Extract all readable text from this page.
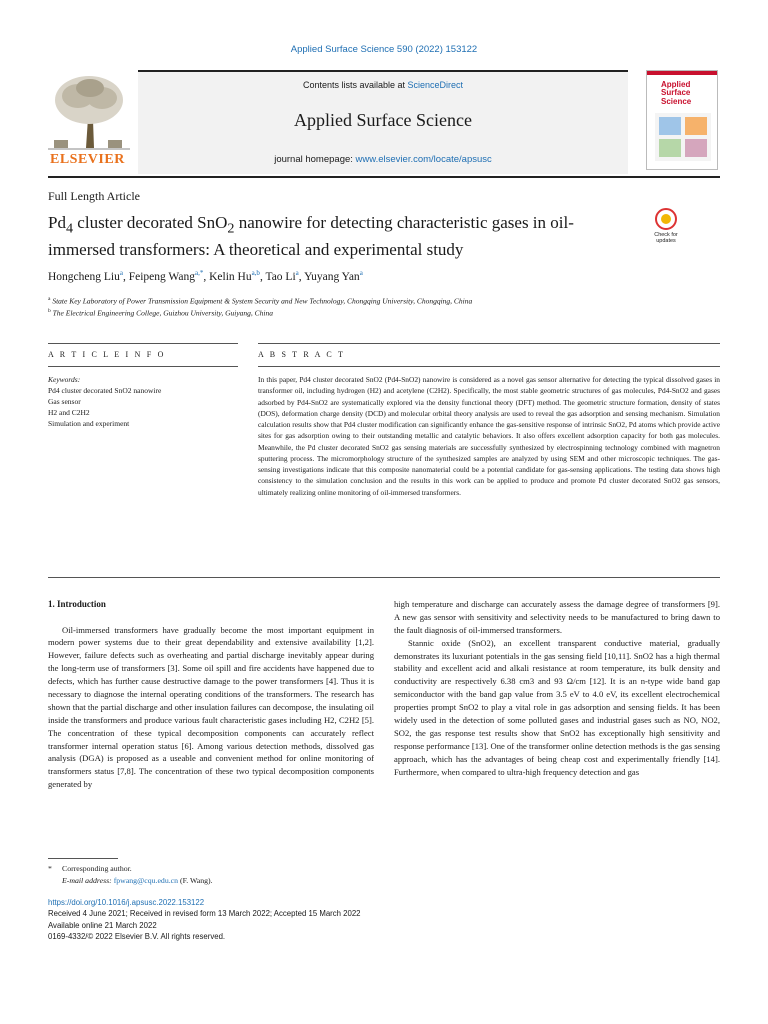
Applied Surface Science 590 (2022) 153122
ELSEVIER
Contents lists available at ScienceDirect
Applied Surface Science
journal homepage: www.elsevier.com/locate/apsusc
Applied
Surface Science
Full Length Article
$Pd_4$ cluster decorated SnO$_2$ nanowire for detecting characteristic gases in oil-immersed transformers: A theoretical and experimental study
Check for
updates
Hongcheng Liu$^a$, Feipeng Wang$^{a,*}$, Kelin Hu$^{a,b}$, Tao Li$^a$, Yuyang Yan$^a$
$^a$ State Key Laboratory of Power Transmission Equipment & System Security and New Technology, Chongqing University, Chongqing, China
$^b$ The Electrical Engineering College, Guizhou University, Guiyang, China
A R T I C L E I N F O	A B S T R A C T
Keywords:
Pd4 cluster decorated SnO2 nanowire
Gas sensor
H2 and C2H2
Simulation and experiment
In this paper, Pd4 cluster decorated SnO2 (Pd4-SnO2) nanowire is considered as a novel gas sensor alternative for detecting the typical dissolved gases in transformer oil, including hydrogen (H2) and acetylene (C2H2). Specifically, the most stable geometric structures of gas molecules, Pd4-SnO2 and gases adsorbed by Pd4-SnO2 are systematically explored via the density functional theory (DFT) method. The geometric structure formation, density of states (DOS), deformation charge density (DCD) and molecular orbital theory analysis are used to reveal the gas adsorption and sensing mechanism. Simulation calculation results show that Pd4 cluster modification can significantly enhance the gas-sensitive response of intrinsic SnO2, Pd atoms which provide active sites for gas adsorption owing to their outstanding metallic and catalytic behaviors. It also offers excellent adsorption capacity for both gas molecules. Meanwhile, the Pd cluster decorated SnO2 gas sensing materials are successfully synthesized by electrospinning technology combined with magnetron sputtering process. The micromorphology structure of the synthesized samples are analyzed by using SEM and other microscopic techniques. The gas-sensing investigations indicate that this composite nanomaterial could be a potential candidate for gas-sensing applications. The testing data shows high consistency to the simulation conclusion and the results in this work can be applied to produce and promote Pd cluster decorated SnO2 gas sensors, ultimately realizing online monitoring of oil-immersed transformers.
1. Introduction

Oil-immersed transformers have gradually become the most important equipment in modern power systems due to their great dependability and extensive availability [1,2]. However, failure defects such as overheating and partial discharge inevitably appear during the long-term use of transformers [3]. Some oil spill and fire accidents have happened due to defects, which has further cause destructive damage to the power transformers [4]. Thus it is necessary to diagnose the internal operating conditions of the transformers. The research has shown that the partial discharge and other insulation failures can decompose, the insulating oil inside the transformers and produce various fault characteristic gases including H2, C2H2 [5]. The concentration of these typical decomposition components can accurately reflect transformer internal operation status [6]. Among various detection methods, dissolved gas analysis (DGA) is proposed as a useable and convenient method for online monitoring of transformers status [7,8]. The concentration of these two typical decomposition components generated by

high temperature and discharge can accurately assess the damage degree of transformers [9]. A new gas sensor with sensitivity and selectivity needs to be manufactured to bring dawn to the fault diagnosis of oil-immersed transformers.

Stannic oxide (SnO2), an excellent transparent conductive material, gradually demonstrates its luxuriant potentials in the gas sensing field [10,11]. SnO2 has a high thermal stability and excellent acid and alkali resistance at room temperature, its bulk density and conductivity are respectively 6.38 cm3 and 93 Ω/cm [12]. It is an n-type wide band gap semiconductor with the band gap value from 3.5 eV to 4.0 eV, its excellent electrochemical properties prompt SnO2 to play a vital role in gas adsorption and sensing fields. It has been widely used in the detection of some polluted gases and industrial gases such as NO, NO2, SO2, the gas response test results show that SnO2 has exceptionally high sensitivity and response performance [13]. One of the transformer online detection methods is the gas sensing approach, which has the advantages of being cheap cost and experimentally friendly [14]. Furthermore, when compared to ultra-high frequency detection and gas

* Corresponding author.
E-mail address: fpwang@cqu.edu.cn (F. Wang).
https://doi.org/10.1016/j.apsusc.2022.153122
Received 4 June 2021; Received in revised form 13 March 2022; Accepted 15 March 2022
Available online 21 March 2022
0169-4332/© 2022 Elsevier B.V. All rights reserved.
